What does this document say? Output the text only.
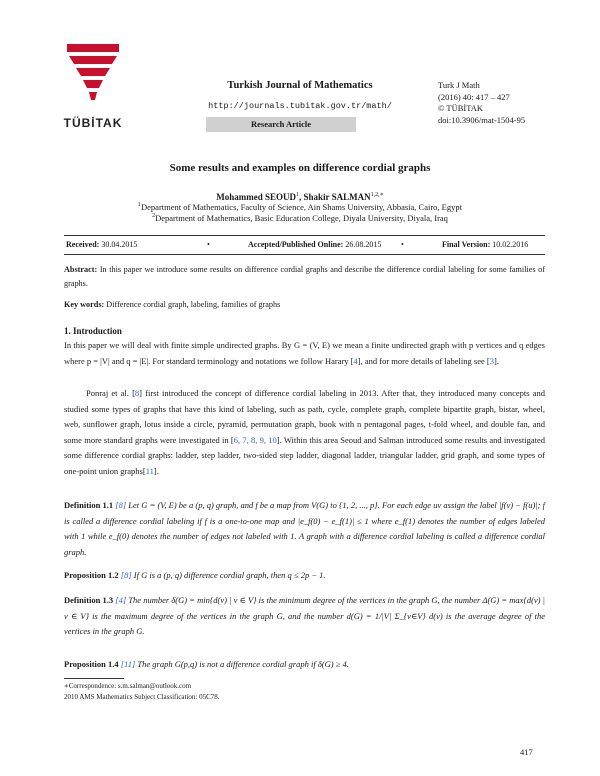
TÜBİTAK
Turkish Journal of Mathematics
http://journals.tubitak.gov.tr/math/
Research Article
Turk J Math
(2016) 40: 417 – 427
© TÜBİTAK
doi:10.3906/mat-1504-95
Some results and examples on difference cordial graphs
Mohammed SEOUD$^1$, Shakir $SALMAN^{1,2,∗}$
$^1$Department of Mathematics, Faculty of Science, Ain Shams University, Abbasia, Cairo, Egypt
$^2$Department of Mathematics, Basic Education College, Diyala University, Diyala, Iraq
Received: 30.04.2015	•	Accepted/Published Online: 26.08.2015 •	Final Version: 10.02.2016
Abstract: In this paper we introduce some results on difference cordial graphs and describe the difference cordial labeling for some families of graphs.
Key words: Difference cordial graph, labeling, families of graphs
1. Introduction
In this paper we will deal with finite simple undirected graphs. By G = (V, E) we mean a finite undirected graph with p vertices and q edges where p = |V| and q = |E|. For standard terminology and notations we follow Harary [4], and for more details of labeling see [3].
Ponraj et al. [8] first introduced the concept of difference cordial labeling in 2013. After that, they introduced many concepts and studied some types of graphs that have this kind of labeling, such as path, cycle, complete graph, complete bipartite graph, bistar, wheel, web, sunflower graph, lotus inside a circle, pyramid, permutation graph, book with n pentagonal pages, t-fold wheel, and double fan, and some more standard graphs were investigated in [6, 7, 8, 9, 10]. Within this area Seoud and Salman introduced some results and investigated some difference cordial graphs: ladder, step ladder, two-sided step ladder, diagonal ladder, triangular ladder, grid graph, and some types of one-point union graphs[11].
Definition 1.1 [8] Let G = (V, E) be a (p, q) graph, and f be a map from V(G) to {1, 2, ..., p}. For each edge uv assign the label |f(v) − f(u)|; f is called a difference cordial labeling if f is a one-to-one map and |e_f(0) − e_f(1)| ≤ 1 where e_f(1) denotes the number of edges labeled with 1 while e_f(0) denotes the number of edges not labeled with 1. A graph with a difference cordial labeling is called a difference cordial graph.
Proposition 1.2 [8] If G is a (p, q) difference cordial graph, then q ≤ 2p − 1.
Definition 1.3 [4] The number δ(G) = min{d(v) | v ∈ V} is the minimum degree of the vertices in the graph G, the number Δ(G) = max{d(v) | v ∈ V} is the maximum degree of the vertices in the graph G, and the number d(G) = 1/|V| Σ_{v∈V} d(v) is the average degree of the vertices in the graph G.
Proposition 1.4 [11] The graph G(p,q) is not a difference cordial graph if δ(G) ≥ 4.
∗Correspondence: s.m.salman@outlook.com
2010 AMS Mathematics Subject Classification: 05C78.
417
